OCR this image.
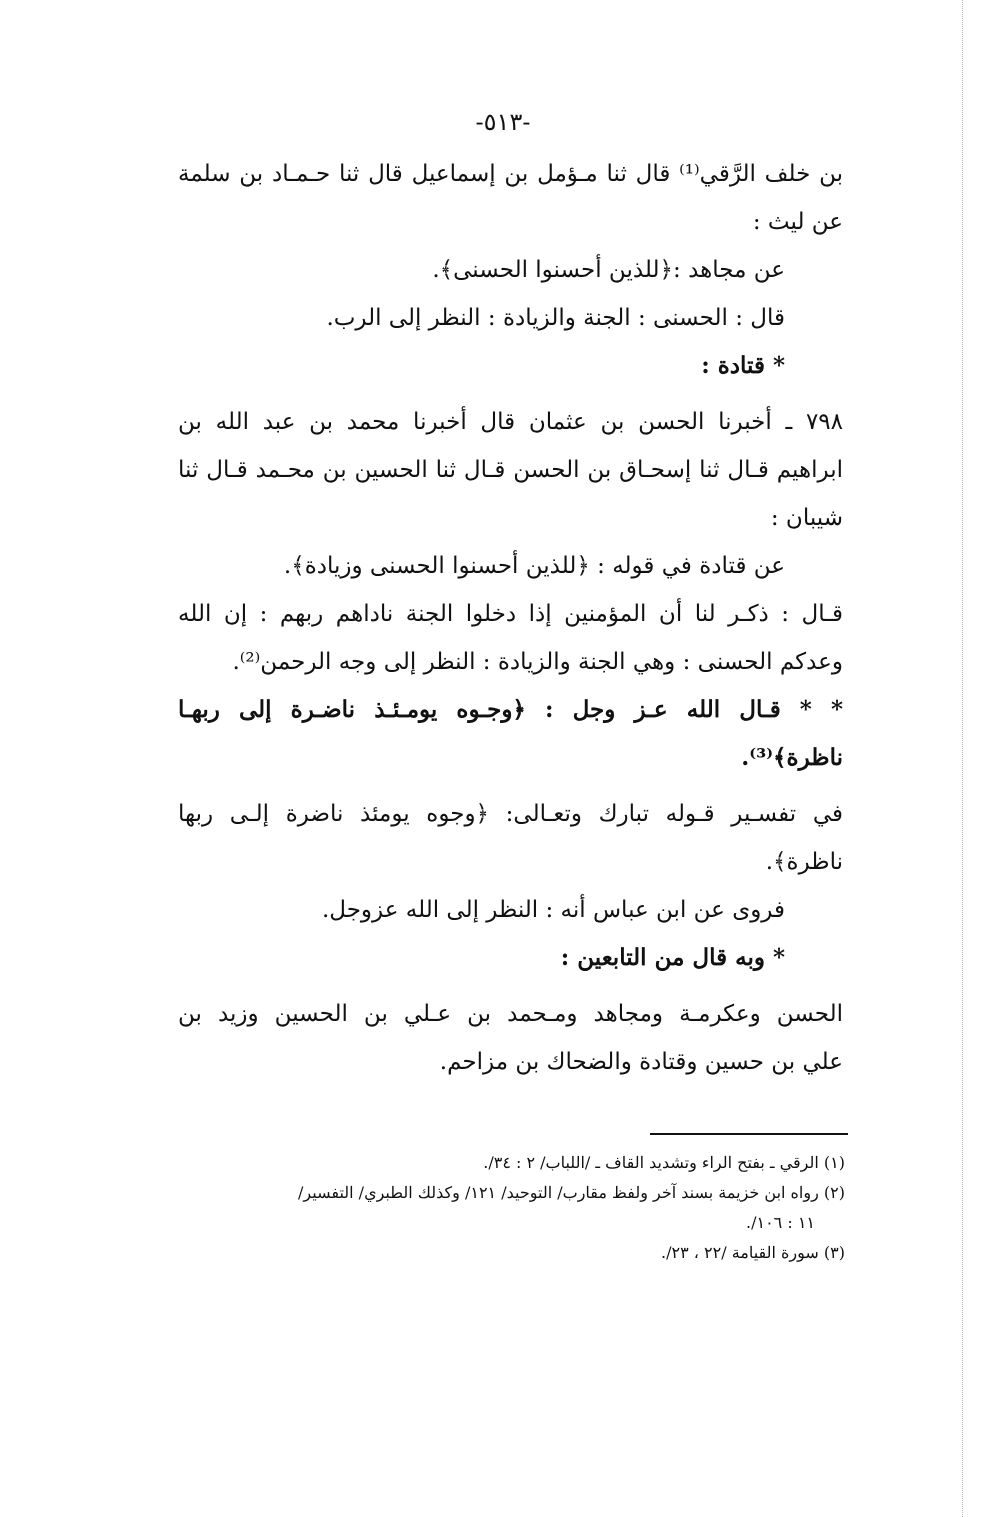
-٥١٣-
بن خلف الرَّقي⁽¹⁾ قال ثنا مـؤمل بن إسماعيل قال ثنا حـمـاد بن سلمة
عن ليث :
عن مجاهد :﴿للذين أحسنوا الحسنى﴾.
قال : الحسنى : الجنة والزيادة : النظر إلى الرب.
* قتادة :
٧٩٨ ـ أخبرنا الحسن بن عثمان قال أخبرنا محمد بن عبد الله بن
ابراهيم قـال ثنا إسحـاق بن الحسن قـال ثنا الحسين بن محـمد قـال ثنا
شيبان :
عن قتادة في قوله : ﴿للذين أحسنوا الحسنى وزيادة﴾.
قـال : ذكـر لنا أن المؤمنين إذا دخلوا الجنة ناداهم ربهم : إن الله
وعدكم الحسنى : وهي الجنة والزيادة : النظر إلى وجه الرحمن⁽²⁾.
* * قـال الله عـز وجل : ﴿وجـوه يومـئـذ ناضـرة إلى ربهـا
ناظرة﴾⁽³⁾.
في تفسـير قـوله تبارك وتعـالى: ﴿وجوه يومئذ ناضرة إلـى ربها
ناظرة﴾.
فروى عن ابن عباس أنه : النظر إلى الله عزوجل.
* وبه قال من التابعين :
الحسن وعكرمـة ومجاهد ومـحمد بن عـلي بن الحسين وزيد بن
علي بن حسين وقتادة والضحاك بن مزاحم.
(١) الرقي ـ بفتح الراء وتشديد القاف ـ /اللباب/ ٢ : ٣٤/.
(٢) رواه ابن خزيمة بسند آخر ولفظ مقارب/ التوحيد/ ١٢١/ وكذلك الطبري/ التفسير/
١١ : ١٠٦/.
(٣) سورة القيامة /٢٢ ، ٢٣/.
